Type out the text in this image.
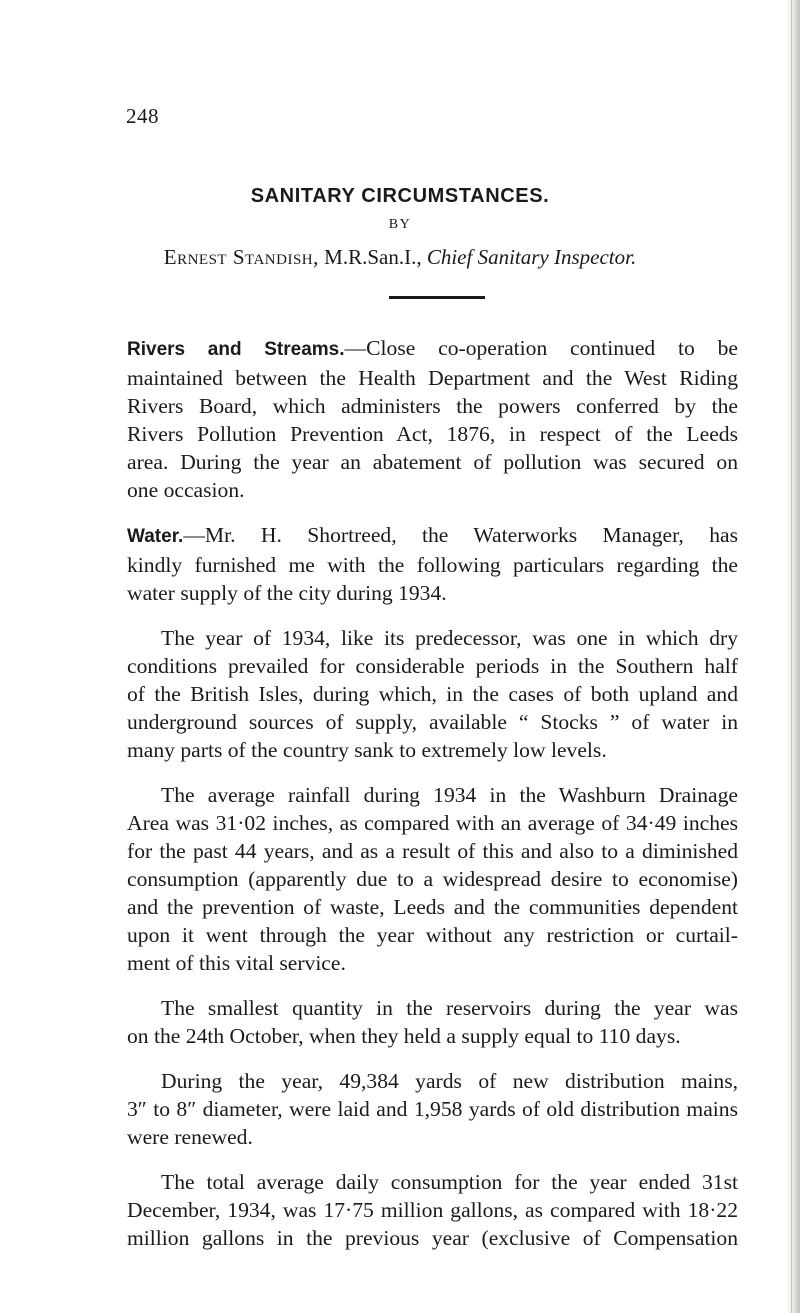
248
SANITARY CIRCUMSTANCES.
BY
Ernest Standish, M.R.San.I., Chief Sanitary Inspector.

Rivers and Streams.—Close co-operation continued to be
maintained between the Health Department and the West Riding
Rivers Board, which administers the powers conferred by the
Rivers Pollution Prevention Act, 1876, in respect of the Leeds
area. During the year an abatement of pollution was secured on
one occasion.

Water.—Mr. H. Shortreed, the Waterworks Manager, has
kindly furnished me with the following particulars regarding the
water supply of the city during 1934.

The year of 1934, like its predecessor, was one in which dry
conditions prevailed for considerable periods in the Southern half
of the British Isles, during which, in the cases of both upland and
underground sources of supply, available “ Stocks ” of water in
many parts of the country sank to extremely low levels.

The average rainfall during 1934 in the Washburn Drainage
Area was 31·02 inches, as compared with an average of 34·49 inches
for the past 44 years, and as a result of this and also to a diminished
consumption (apparently due to a widespread desire to economise)
and the prevention of waste, Leeds and the communities dependent
upon it went through the year without any restriction or curtail-
ment of this vital service.

The smallest quantity in the reservoirs during the year was
on the 24th October, when they held a supply equal to 110 days.

During the year, 49,384 yards of new distribution mains,
3″ to 8″ diameter, were laid and 1,958 yards of old distribution mains
were renewed.

The total average daily consumption for the year ended 31st
December, 1934, was 17·75 million gallons, as compared with 18·22
million gallons in the previous year (exclusive of Compensation
